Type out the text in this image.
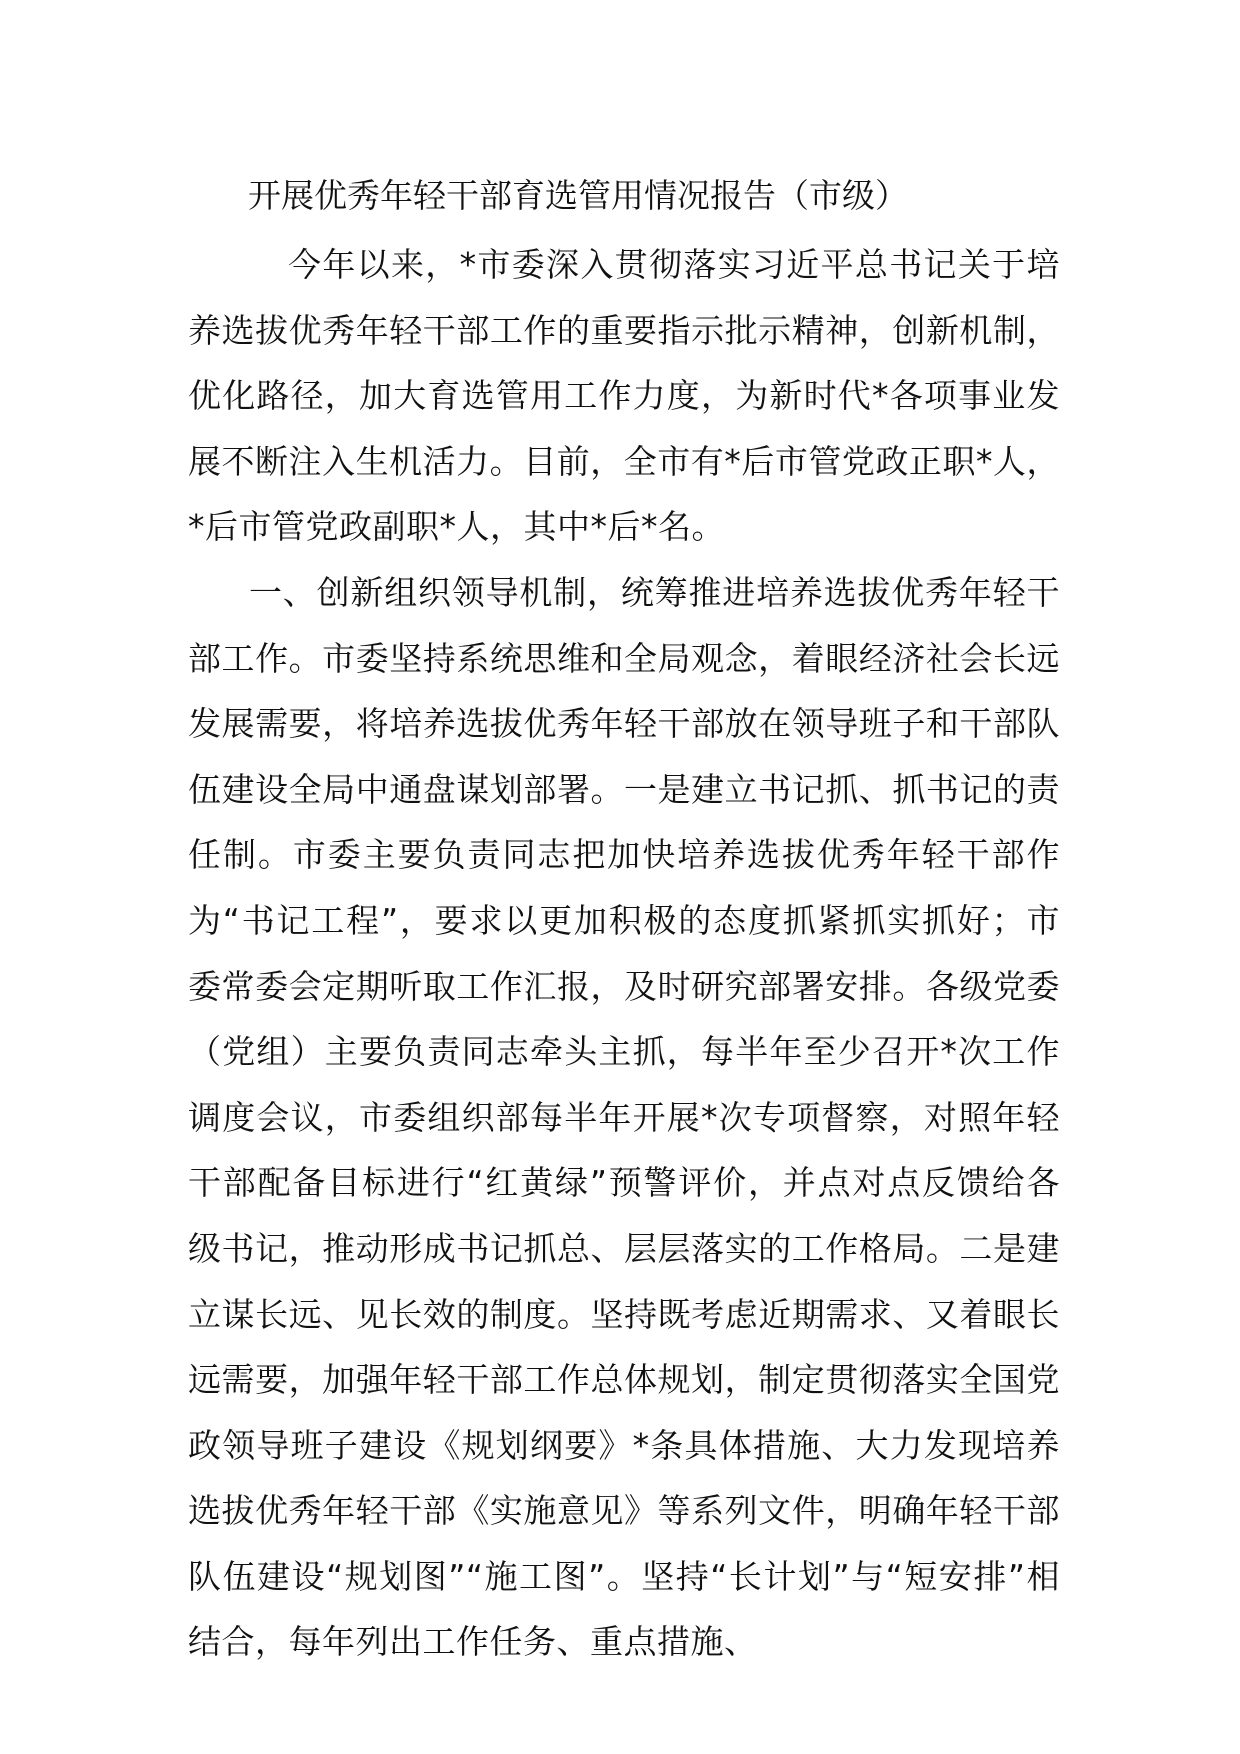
开展优秀年轻干部育选管用情况报告（市级）

今年以来，*市委深入贯彻落实习近平总书记关于培养选拔优秀年轻干部工作的重要指示批示精神，创新机制，优化路径，加大育选管用工作力度，为新时代*各项事业发展不断注入生机活力。目前，全市有*后市管党政正职*人，*后市管党政副职*人，其中*后*名。

一、创新组织领导机制，统筹推进培养选拔优秀年轻干部工作。市委坚持系统思维和全局观念，着眼经济社会长远发展需要，将培养选拔优秀年轻干部放在领导班子和干部队伍建设全局中通盘谋划部署。一是建立书记抓、抓书记的责任制。市委主要负责同志把加快培养选拔优秀年轻干部作为“书记工程”，要求以更加积极的态度抓紧抓实抓好；市委常委会定期听取工作汇报，及时研究部署安排。各级党委（党组）主要负责同志牵头主抓，每半年至少召开*次工作调度会议，市委组织部每半年开展*次专项督察，对照年轻干部配备目标进行“红黄绿”预警评价，并点对点反馈给各级书记，推动形成书记抓总、层层落实的工作格局。二是建立谋长远、见长效的制度。坚持既考虑近期需求、又着眼长远需要，加强年轻干部工作总体规划，制定贯彻落实全国党政领导班子建设《规划纲要》*条具体措施、大力发现培养选拔优秀年轻干部《实施意见》等系列文件，明确年轻干部队伍建设“规划图”“施工图”。坚持“长计划”与“短安排”相结合，每年列出工作任务、重点措施、
